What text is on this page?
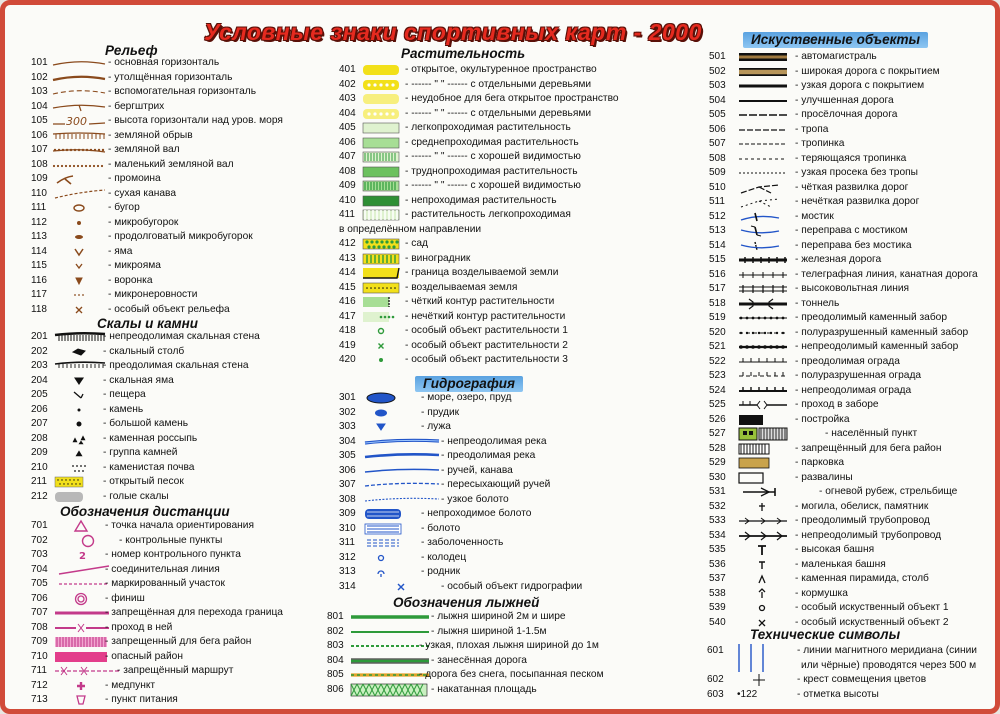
Условные знаки спортивных карт - 2000
Рельеф
101	- основная горизонталь
102	- утолщённая горизонталь
103	- вспомогательная горизонталь
104	- бергштрих
105 300 - высота горизонтали над уров. моря
106	- земляной обрыв
107	- земляной вал
108	- маленький земляной вал
109	- промоина
110	- сухая канава
111	- бугор
112	- микробугорок
113	- продолговатый микробугорок
114	- яма
115	- микрояма
116	- воронка
117	- микронеровности
118	- особый объект рельефа
Скалы и камни
201	- непреодолимая скальная стена
202	- скальный столб
203	- преодолимая скальная стена
204	- скальная яма
205	- пещера
206	- камень
207	- большой камень
208	- каменная россыпь
209	- группа камней
210	- каменистая почва
211	- открытый песок
212	- голые скалы
Обозначения дистанции
701	- точка начала ориентирования
702	- контрольные пункты
703	2 - номер контрольного пункта
704	- соединительная линия
705	- маркированный участок
706	- финиш
707	- запрещённая для перехода граница
708	- проход в ней
709	- запрещенный для бега район
710	- опасный район
711	- запрещённый маршрут
712	- медпункт
713	- пункт питания
Растительность
401	- открытое, окультуренное пространство
402	- ------ " " ------ с отдельными деревьями
403	- неудобное для бега открытое пространство
404	- ------ " " ------ с отдельными деревьями
405	- легкопроходимая растительность
406	- среднепроходимая растительность
407	- ------ " " ------ с хорошей видимостью
408	- труднопроходимая растительность
409	- ------ " " ------ с хорошей видимостью
410	- непроходимая растительность
411	- растительность легкопроходимая
в определённом направлении
412	- сад
413	- виноградник
414	- граница возделываемой земли
415	- возделываемая земля
416	- чёткий контур растительности
417	- нечёткий контур растительности
418	- особый объект растительности 1
419	- особый объект растительности 2
420	- особый объект растительности 3
Гидрография
301	- море, озеро, пруд
302	- прудик
303	- лужа
304	- непреодолимая река
305	- преодолимая река
306	- ручей, канава
307	- пересыхающий ручей
308	- узкое болото
309	- непроходимое болото
310	- болото
311	- заболоченность
312	- колодец
313	- родник
314	- особый объект гидрографии
Обозначения лыжней
801	- лыжня шириной 2м и шире
802	- лыжня шириной 1-1.5м
803	- узкая, плохая лыжня шириной до 1м
804	- занесённая дорога
805	- дорога без снега, посыпанная песком
806	- накатанная площадь
Искуственные объекты
501	- автомагистраль
502	- широкая дорога с покрытием
503	- узкая дорога с покрытием
504	- улучшенная дорога
505	- просёлочная дорога
506	- тропа
507	- тропинка
508	- теряющаяся тропинка
509	- узкая просека без тропы
510	- чёткая развилка дорог
511	- нечёткая развилка дорог
512	- мостик
513	- переправа с мостиком
514	- переправа без мостика
515	- железная дорога
516	- телеграфная линия, канатная дорога
517	- высоковольтная линия
518	- тоннель
519	- преодолимый каменный забор
520	- полуразрушенный каменный забор
521	- непреодолимый каменный забор
522	- преодолимая ограда
523	- полуразрушенная ограда
524	- непреодолимая ограда
525	- проход в заборе
526	- постройка
527	- населённый пункт
528	- запрещённый для бега район
529	- парковка
530	- развалины
531	- огневой рубеж, стрельбище
532	- могила, обелиск, памятник
533	- преодолимый трубопровод
534	- непреодолимый трубопровод
535	- высокая башня
536	- маленькая башня
537	- каменная пирамида, столб
538	- кормушка
539	- особый искуственный объект 1
540	- особый искуственный объект 2
Технические символы
601	- линии магнитного меридиана (синии
или чёрные) проводятся через 500 м
602	- крест совмещения цветов
603 •122	- отметка высоты
